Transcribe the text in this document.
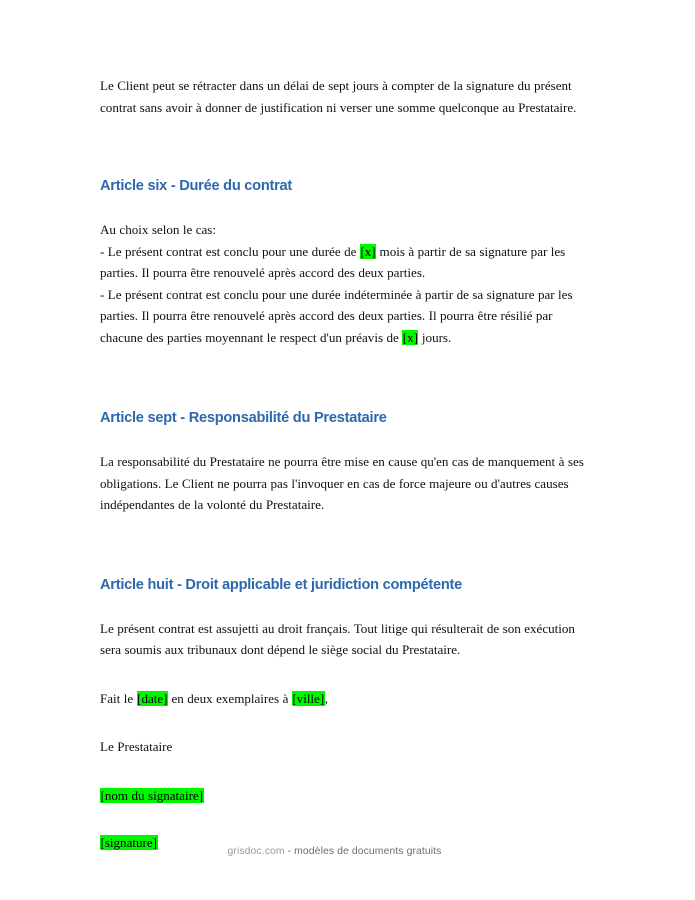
Le Client peut se rétracter dans un délai de sept jours à compter de la signature du présent contrat sans avoir à donner de justification ni verser une somme quelconque au Prestataire.

Article six - Durée du contrat

Au choix selon le cas:

- Le présent contrat est conclu pour une durée de [x] mois à partir de sa signature par les parties. Il pourra être renouvelé après accord des deux parties.

- Le présent contrat est conclu pour une durée indéterminée à partir de sa signature par les parties. Il pourra être renouvelé après accord des deux parties. Il pourra être résilié par chacune des parties moyennant le respect d'un préavis de [x] jours.

Article sept - Responsabilité du Prestataire

La responsabilité du Prestataire ne pourra être mise en cause qu'en cas de manquement à ses obligations. Le Client ne pourra pas l'invoquer en cas de force majeure ou d'autres causes indépendantes de la volonté du Prestataire.

Article huit - Droit applicable et juridiction compétente

Le présent contrat est assujetti au droit français. Tout litige qui résulterait de son exécution sera soumis aux tribunaux dont dépend le siège social du Prestataire.

Fait le [date] en deux exemplaires à [ville],

Le Prestataire

[nom du signataire]

[signature]

grisdoc.com - modèles de documents gratuits
